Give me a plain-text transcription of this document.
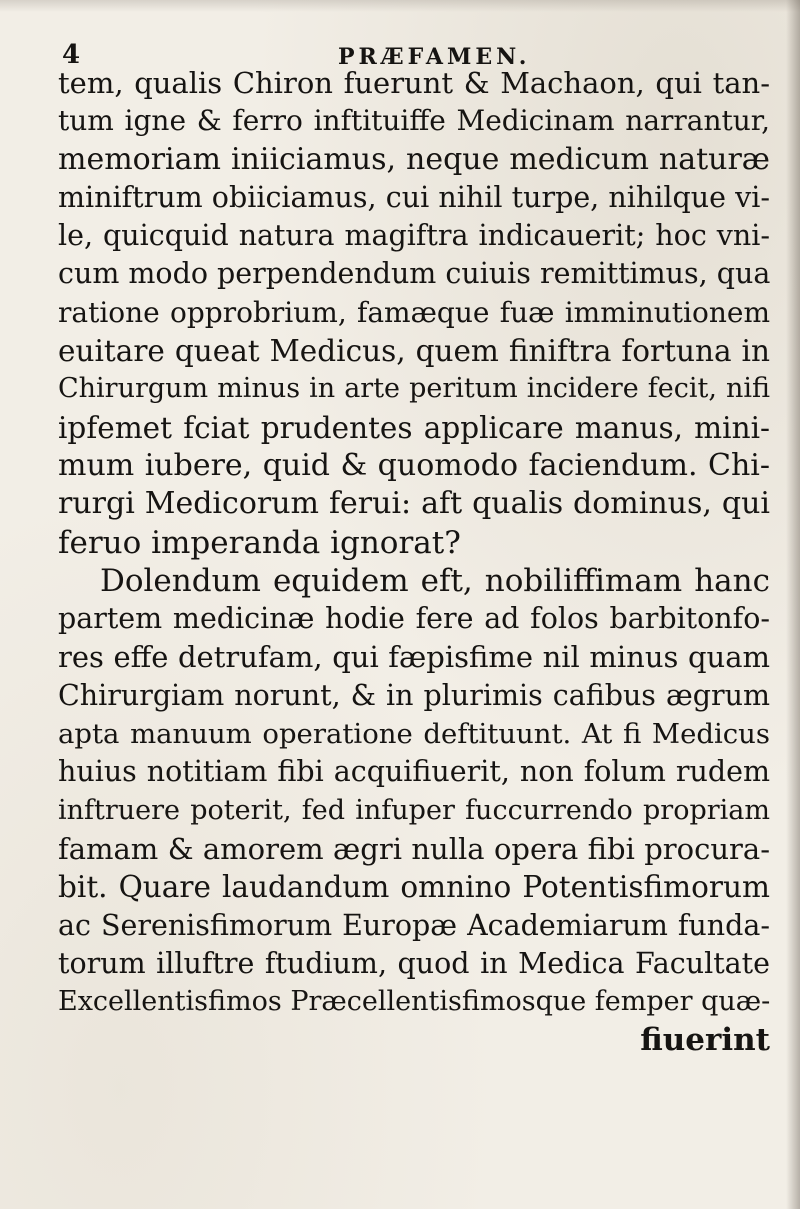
4	PRÆFAMEN.
tem, qualis Chiron fuerunt & Machaon, qui tan-
tum igne & ferro inftituiffe Medicinam narrantur,
memoriam iniiciamus, neque medicum naturæ
miniftrum obiiciamus, cui nihil turpe, nihilque vi-
le, quicquid natura magiftra indicauerit; hoc vni-
cum modo perpendendum cuiuis remittimus, qua
ratione opprobrium, famæque fuæ imminutionem
euitare queat Medicus, quem finiftra fortuna in
Chirurgum minus in arte peritum incidere fecit, nifi
ipfemet fciat prudentes applicare manus, mini-
mum iubere, quid & quomodo faciendum. Chi-
rurgi Medicorum ferui: aft qualis dominus, qui
feruo imperanda ignorat?
Dolendum equidem eft, nobiliffimam hanc
partem medicinæ hodie fere ad folos barbitonfo-
res effe detrufam, qui fæpisfime nil minus quam
Chirurgiam norunt, & in plurimis cafibus ægrum
apta manuum operatione deftituunt. At fi Medicus
huius notitiam fibi acquifiuerit, non folum rudem
inftruere poterit, fed infuper fuccurrendo propriam
famam & amorem ægri nulla opera fibi procura-
bit. Quare laudandum omnino Potentisfimorum
ac Serenisfimorum Europæ Academiarum funda-
torum illuftre ftudium, quod in Medica Facultate
Excellentisfimos Præcellentisfimosque femper quæ-
fiuerint
